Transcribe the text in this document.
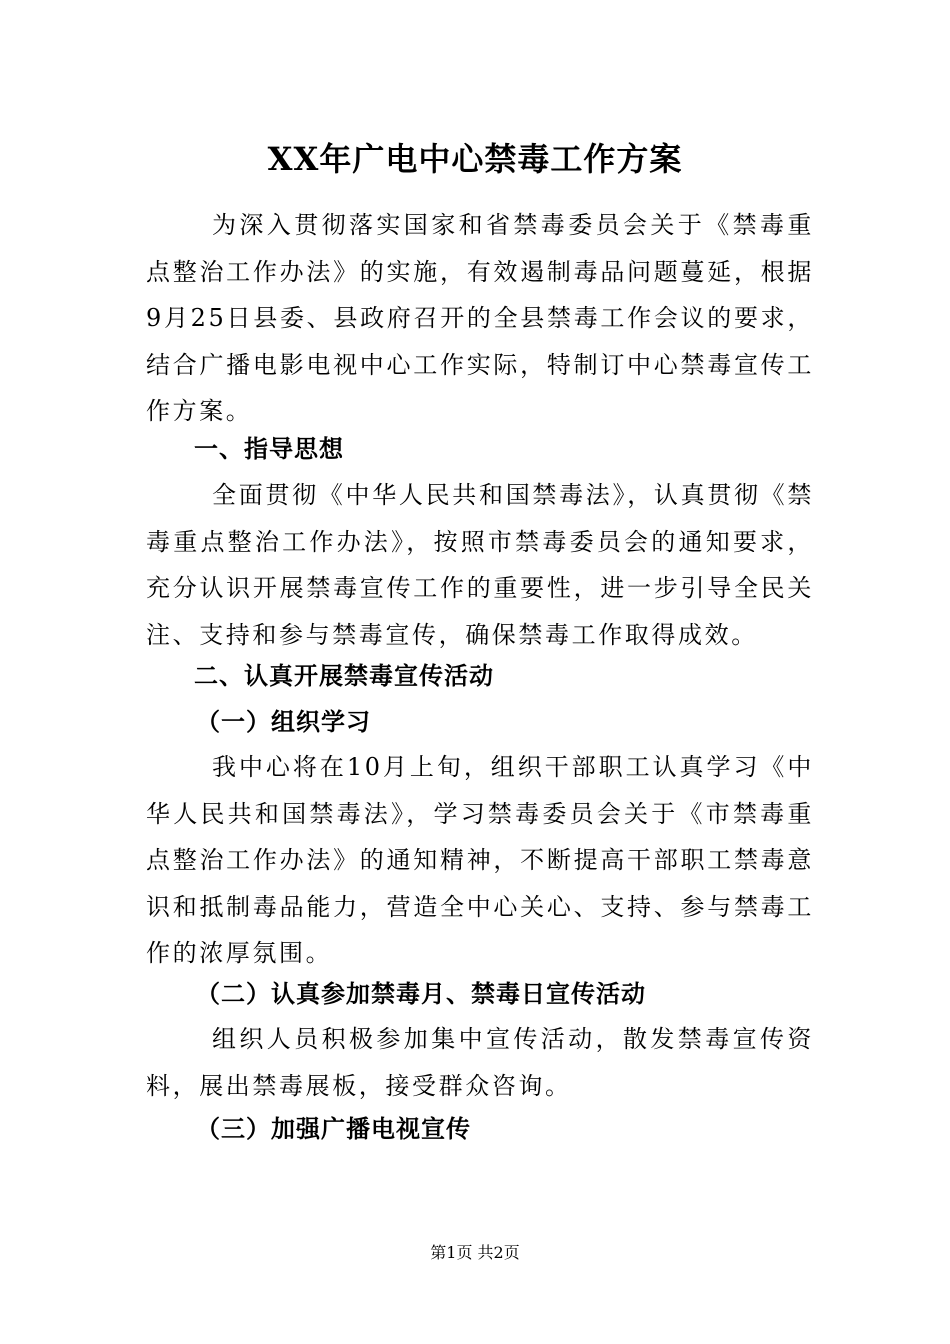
XX年广电中心禁毒工作方案

为深入贯彻落实国家和省禁毒委员会关于《禁毒重点整治工作办法》的实施，有效遏制毒品问题蔓延，根据9月25日县委、县政府召开的全县禁毒工作会议的要求，结合广播电影电视中心工作实际，特制订中心禁毒宣传工作方案。

一、指导思想

全面贯彻《中华人民共和国禁毒法》，认真贯彻《禁毒重点整治工作办法》，按照市禁毒委员会的通知要求，充分认识开展禁毒宣传工作的重要性，进一步引导全民关注、支持和参与禁毒宣传，确保禁毒工作取得成效。

二、认真开展禁毒宣传活动
（一）组织学习

我中心将在10月上旬，组织干部职工认真学习《中华人民共和国禁毒法》，学习禁毒委员会关于《市禁毒重点整治工作办法》的通知精神，不断提高干部职工禁毒意识和抵制毒品能力，营造全中心关心、支持、参与禁毒工作的浓厚氛围。

（二）认真参加禁毒月、禁毒日宣传活动

组织人员积极参加集中宣传活动，散发禁毒宣传资料，展出禁毒展板，接受群众咨询。

（三）加强广播电视宣传
第1页 共2页
